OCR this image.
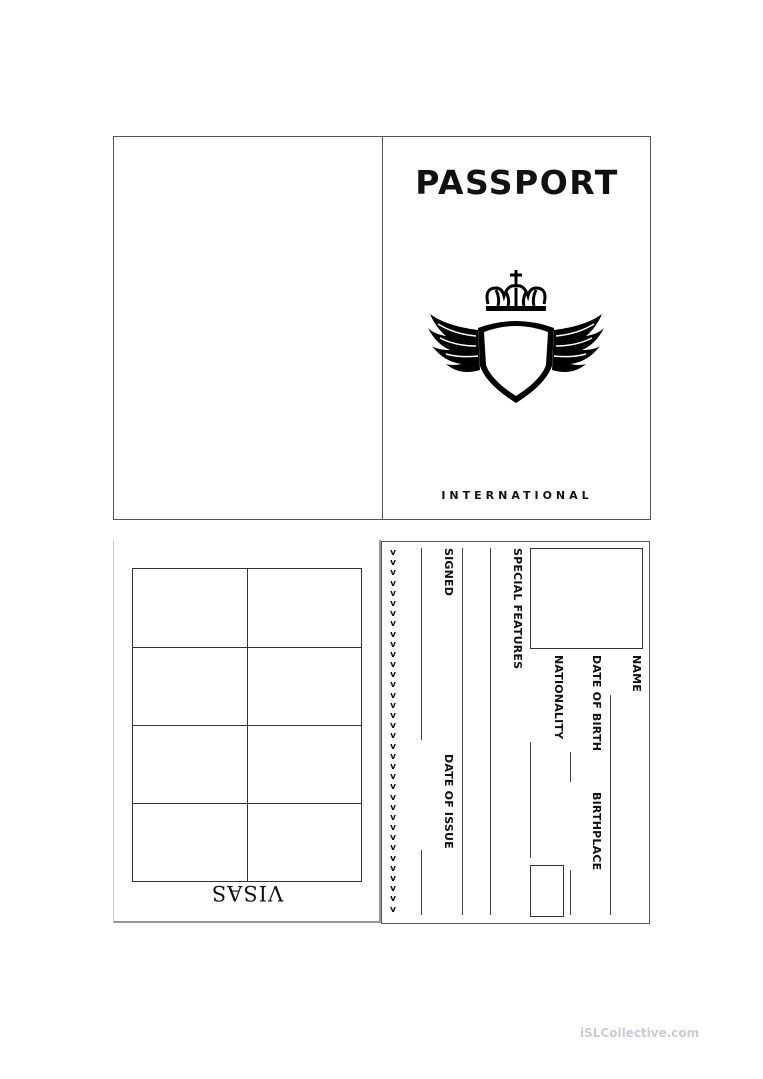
PASSPORT
INTERNATIONAL
VISAS
NAME
DATE OF BIRTH
BIRTHPLACE
NATIONALITY
SPECIAL FEATURES
SIGNED
DATE OF ISSUE
v
v
v
v
v
v
v
v
v
v
v
v
v
v
v
v
v
v
v
v
v
v
v
v
v
v
v
v
v
v
v
v
v
v
v
v
iSLCollective.com
